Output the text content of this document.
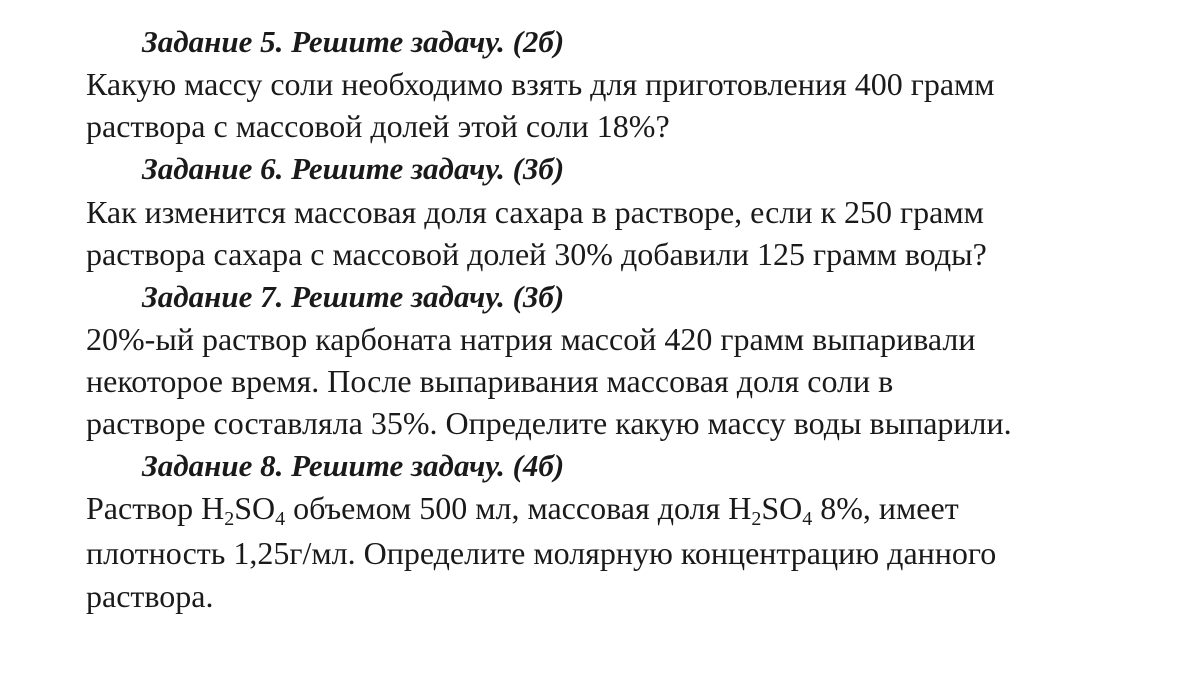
Задание 5. Решите задачу. (2б)
Какую массу соли необходимо взять для приготовления 400 грамм
раствора с массовой долей этой соли 18%?
Задание 6. Решите задачу. (3б)
Как изменится массовая доля сахара в растворе, если к 250 грамм
раствора сахара с массовой долей 30% добавили 125 грамм воды?
Задание 7. Решите задачу. (3б)
20%-ый раствор карбоната натрия массой 420 грамм выпаривали
некоторое время. После выпаривания массовая доля соли в
растворе составляла 35%. Определите какую массу воды выпарили.
Задание 8. Решите задачу. (4б)
Раствор $H_2SO_4$ объемом 500 мл, массовая доля $H_2SO_4$ 8%, имеет
плотность 1,25г/мл. Определите молярную концентрацию данного
раствора.
